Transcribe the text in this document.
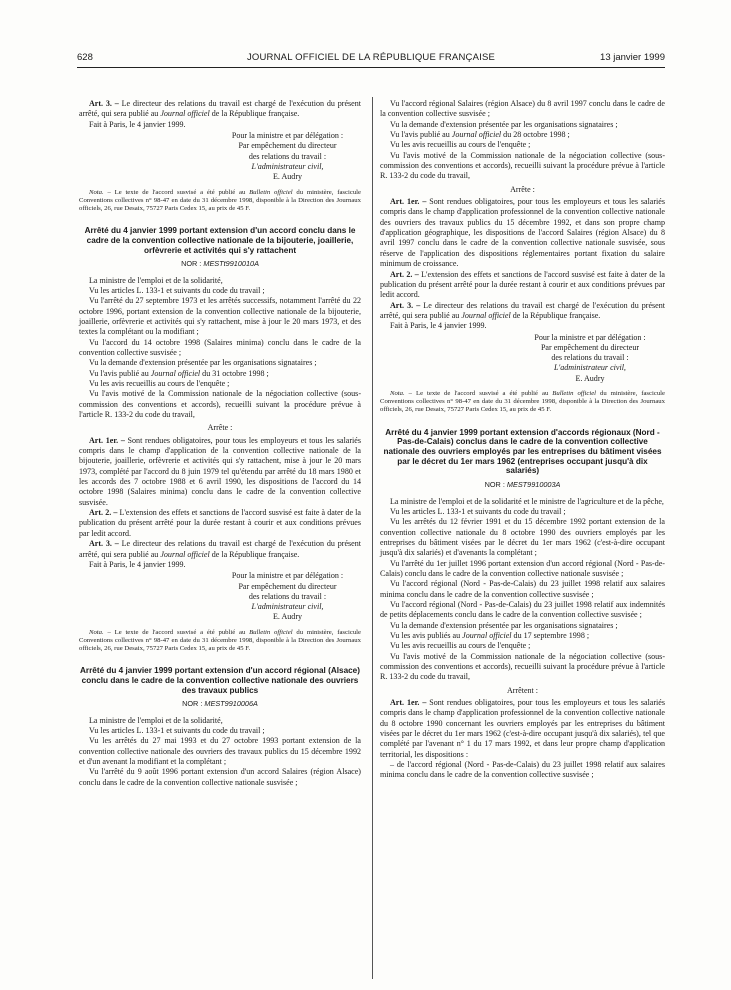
628	JOURNAL OFFICIEL DE LA RÉPUBLIQUE FRANÇAISE	13 janvier 1999

Art. 3. – Le directeur des relations du travail est chargé de l'exécution du présent arrêté, qui sera publié au Journal officiel de la République française.

Fait à Paris, le 4 janvier 1999.

Pour la ministre et par délégation :
Par empêchement du directeur
des relations du travail :
L'administrateur civil,
E. Audry

Nota. – Le texte de l'accord susvisé a été publié au Bulletin officiel du ministère, fascicule Conventions collectives n° 98-47 en date du 31 décembre 1998, disponible à la Direction des Journaux officiels, 26, rue Desaix, 75727 Paris Cedex 15, au prix de 45 F.

Arrêté du 4 janvier 1999 portant extension d'un accord conclu dans le cadre de la convention collective nationale de la bijouterie, joaillerie, orfèvrerie et activités qui s'y rattachent
NOR : MESTt9910010A

La ministre de l'emploi et de la solidarité,

Vu les articles L. 133-1 et suivants du code du travail ;

Vu l'arrêté du 27 septembre 1973 et les arrêtés successifs, notamment l'arrêté du 22 octobre 1996, portant extension de la convention collective nationale de la bijouterie, joaillerie, orfèvrerie et activités qui s'y rattachent, mise à jour le 20 mars 1973, et des textes la complétant ou la modifiant ;

Vu l'accord du 14 octobre 1998 (Salaires minima) conclu dans le cadre de la convention collective susvisée ;

Vu la demande d'extension présentée par les organisations signataires ;

Vu l'avis publié au Journal officiel du 31 octobre 1998 ;

Vu les avis recueillis au cours de l'enquête ;

Vu l'avis motivé de la Commission nationale de la négociation collective (sous-commission des conventions et accords), recueilli suivant la procédure prévue à l'article R. 133-2 du code du travail,

Arrête :

Art. 1er. – Sont rendues obligatoires, pour tous les employeurs et tous les salariés compris dans le champ d'application de la convention collective nationale de la bijouterie, joaillerie, orfèvrerie et activités qui s'y rattachent, mise à jour le 20 mars 1973, complété par l'accord du 8 juin 1979 tel qu'étendu par arrêté du 18 mars 1980 et les accords des 7 octobre 1988 et 6 avril 1990, les dispositions de l'accord du 14 octobre 1998 (Salaires minima) conclu dans le cadre de la convention collective susvisée.

Art. 2. – L'extension des effets et sanctions de l'accord susvisé est faite à dater de la publication du présent arrêté pour la durée restant à courir et aux conditions prévues par ledit accord.

Art. 3. – Le directeur des relations du travail est chargé de l'exécution du présent arrêté, qui sera publié au Journal officiel de la République française.

Fait à Paris, le 4 janvier 1999.

Pour la ministre et par délégation :
Par empêchement du directeur
des relations du travail :
L'administrateur civil,
E. Audry

Nota. – Le texte de l'accord susvisé a été publié au Bulletin officiel du ministère, fascicule Conventions collectives n° 98-47 en date du 31 décembre 1998, disponible à la Direction des Journaux officiels, 26, rue Desaix, 75727 Paris Cedex 15, au prix de 45 F.

Arrêté du 4 janvier 1999 portant extension d'un accord régional (Alsace) conclu dans le cadre de la convention collective nationale des ouvriers des travaux publics
NOR : MEST9910006A

La ministre de l'emploi et de la solidarité,

Vu les articles L. 133-1 et suivants du code du travail ;

Vu les arrêtés du 27 mai 1993 et du 27 octobre 1993 portant extension de la convention collective nationale des ouvriers des travaux publics du 15 décembre 1992 et d'un avenant la modifiant et la complétant ;

Vu l'arrêté du 9 août 1996 portant extension d'un accord Salaires (région Alsace) conclu dans le cadre de la convention collective nationale susvisée ;

Vu l'accord régional Salaires (région Alsace) du 8 avril 1997 conclu dans le cadre de la convention collective susvisée ;

Vu la demande d'extension présentée par les organisations signataires ;

Vu l'avis publié au Journal officiel du 28 octobre 1998 ;

Vu les avis recueillis au cours de l'enquête ;

Vu l'avis motivé de la Commission nationale de la négociation collective (sous-commission des conventions et accords), recueilli suivant la procédure prévue à l'article R. 133-2 du code du travail,

Arrête :

Art. 1er. – Sont rendues obligatoires, pour tous les employeurs et tous les salariés compris dans le champ d'application professionnel de la convention collective nationale des ouvriers des travaux publics du 15 décembre 1992, et dans son propre champ d'application géographique, les dispositions de l'accord Salaires (région Alsace) du 8 avril 1997 conclu dans le cadre de la convention collective nationale susvisée, sous réserve de l'application des dispositions réglementaires portant fixation du salaire minimum de croissance.

Art. 2. – L'extension des effets et sanctions de l'accord susvisé est faite à dater de la publication du présent arrêté pour la durée restant à courir et aux conditions prévues par ledit accord.

Art. 3. – Le directeur des relations du travail est chargé de l'exécution du présent arrêté, qui sera publié au Journal officiel de la République française.

Fait à Paris, le 4 janvier 1999.

Pour la ministre et par délégation :
Par empêchement du directeur
des relations du travail :
L'administrateur civil,
E. Audry

Nota. – Le texte de l'accord susvisé a été publié au Bulletin officiel du ministère, fascicule Conventions collectives n° 98-47 en date du 31 décembre 1998, disponible à la Direction des Journaux officiels, 26, rue Desaix, 75727 Paris Cedex 15, au prix de 45 F.

Arrêté du 4 janvier 1999 portant extension d'accords régionaux (Nord - Pas-de-Calais) conclus dans le cadre de la convention collective nationale des ouvriers employés par les entreprises du bâtiment visées par le décret du 1er mars 1962 (entreprises occupant jusqu'à dix salariés)
NOR : MEST9910003A

La ministre de l'emploi et de la solidarité et le ministre de l'agriculture et de la pêche,

Vu les articles L. 133-1 et suivants du code du travail ;

Vu les arrêtés du 12 février 1991 et du 15 décembre 1992 portant extension de la convention collective nationale du 8 octobre 1990 des ouvriers employés par les entreprises du bâtiment visées par le décret du 1er mars 1962 (c'est-à-dire occupant jusqu'à dix salariés) et d'avenants la complétant ;

Vu l'arrêté du 1er juillet 1996 portant extension d'un accord régional (Nord - Pas-de-Calais) conclu dans le cadre de la convention collective nationale susvisée ;

Vu l'accord régional (Nord - Pas-de-Calais) du 23 juillet 1998 relatif aux salaires minima conclu dans le cadre de la convention collective susvisée ;

Vu l'accord régional (Nord - Pas-de-Calais) du 23 juillet 1998 relatif aux indemnités de petits déplacements conclu dans le cadre de la convention collective susvisée ;

Vu la demande d'extension présentée par les organisations signataires ;

Vu les avis publiés au Journal officiel du 17 septembre 1998 ;

Vu les avis recueillis au cours de l'enquête ;

Vu l'avis motivé de la Commission nationale de la négociation collective (sous-commission des conventions et accords), recueilli suivant la procédure prévue à l'article R. 133-2 du code du travail,

Arrêtent :

Art. 1er. – Sont rendues obligatoires, pour tous les employeurs et tous les salariés compris dans le champ d'application professionnel de la convention collective nationale du 8 octobre 1990 concernant les ouvriers employés par les entreprises du bâtiment visées par le décret du 1er mars 1962 (c'est-à-dire occupant jusqu'à dix salariés), tel que complété par l'avenant n° 1 du 17 mars 1992, et dans leur propre champ d'application territorial, les dispositions :

– de l'accord régional (Nord - Pas-de-Calais) du 23 juillet 1998 relatif aux salaires minima conclu dans le cadre de la convention collective susvisée ;
